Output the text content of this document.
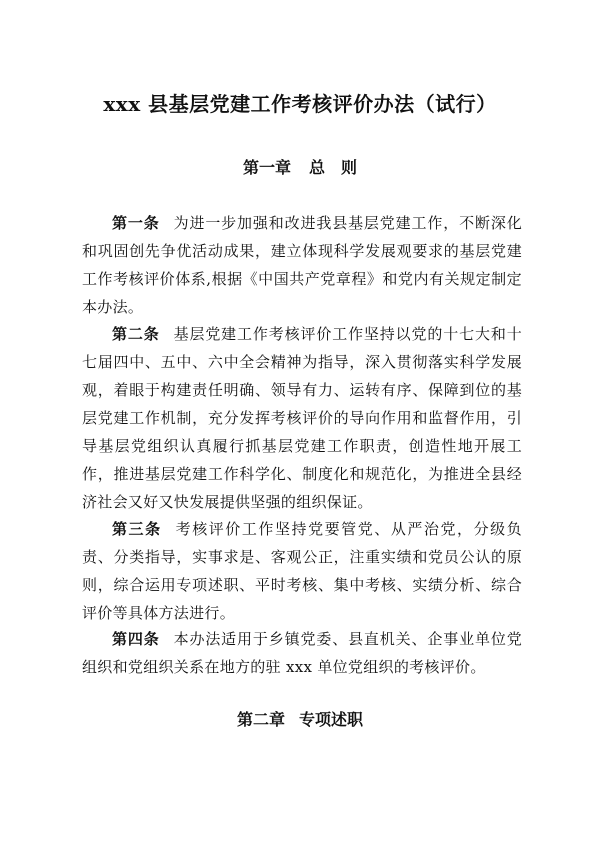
xxx 县基层党建工作考核评价办法（试行）
第一章 总　则
第一条 为进一步加强和改进我县基层党建工作，不断深化和巩固创先争优活动成果，建立体现科学发展观要求的基层党建工作考核评价体系,根据《中国共产党章程》和党内有关规定制定本办法。
第二条 基层党建工作考核评价工作坚持以党的十七大和十七届四中、五中、六中全会精神为指导，深入贯彻落实科学发展观，着眼于构建责任明确、领导有力、运转有序、保障到位的基层党建工作机制，充分发挥考核评价的导向作用和监督作用，引导基层党组织认真履行抓基层党建工作职责，创造性地开展工作，推进基层党建工作科学化、制度化和规范化，为推进全县经济社会又好又快发展提供坚强的组织保证。
第三条 考核评价工作坚持党要管党、从严治党，分级负责、分类指导，实事求是、客观公正，注重实绩和党员公认的原则，综合运用专项述职、平时考核、集中考核、实绩分析、综合评价等具体方法进行。
第四条 本办法适用于乡镇党委、县直机关、企事业单位党组织和党组织关系在地方的驻 xxx 单位党组织的考核评价。
第二章 专项述职
